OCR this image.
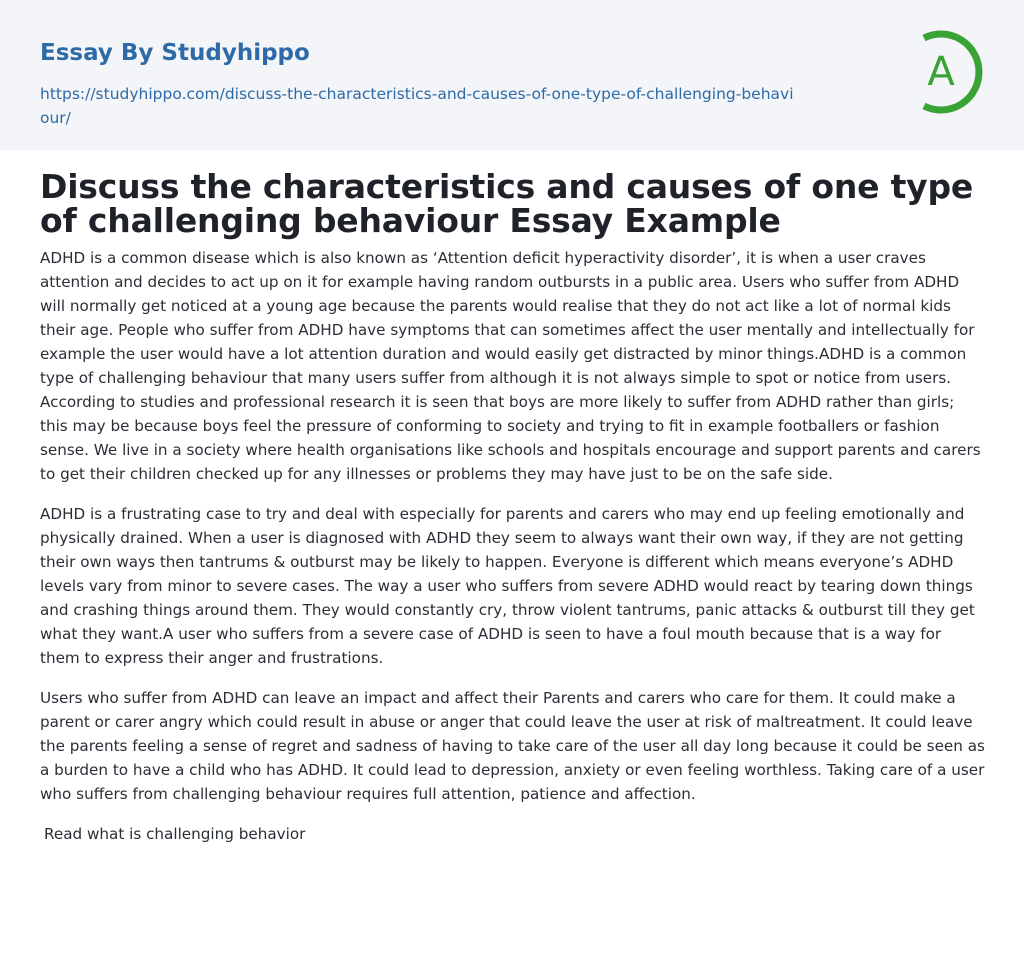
Essay By Studyhippo
https://studyhippo.com/discuss-the-characteristics-and-causes-of-one-type-of-challenging-behaviour/
A
Discuss the characteristics and causes of one type of challenging behaviour Essay Example

ADHD is a common disease which is also known as ‘Attention deficit hyperactivity disorder’, it is when a user craves attention and decides to act up on it for example having random outbursts in a public area. Users who suffer from ADHD will normally get noticed at a young age because the parents would realise that they do not act like a lot of normal kids their age. People who suffer from ADHD have symptoms that can sometimes affect the user mentally and intellectually for example the user would have a lot attention duration and would easily get distracted by minor things.ADHD is a common type of challenging behaviour that many users suffer from although it is not always simple to spot or notice from users. According to studies and professional research it is seen that boys are more likely to suffer from ADHD rather than girls; this may be because boys feel the pressure of conforming to society and trying to fit in example footballers or fashion sense. We live in a society where health organisations like schools and hospitals encourage and support parents and carers to get their children checked up for any illnesses or problems they may have just to be on the safe side.

ADHD is a frustrating case to try and deal with especially for parents and carers who may end up feeling emotionally and physically drained. When a user is diagnosed with ADHD they seem to always want their own way, if they are not getting their own ways then tantrums & outburst may be likely to happen. Everyone is different which means everyone’s ADHD levels vary from minor to severe cases. The way a user who suffers from severe ADHD would react by tearing down things and crashing things around them. They would constantly cry, throw violent tantrums, panic attacks & outburst till they get what they want.A user who suffers from a severe case of ADHD is seen to have a foul mouth because that is a way for them to express their anger and frustrations.

Users who suffer from ADHD can leave an impact and affect their Parents and carers who care for them. It could make a parent or carer angry which could result in abuse or anger that could leave the user at risk of maltreatment. It could leave the parents feeling a sense of regret and sadness of having to take care of the user all day long because it could be seen as a burden to have a child who has ADHD. It could lead to depression, anxiety or even feeling worthless. Taking care of a user who suffers from challenging behaviour requires full attention, patience and affection.

Read what is challenging behavior
